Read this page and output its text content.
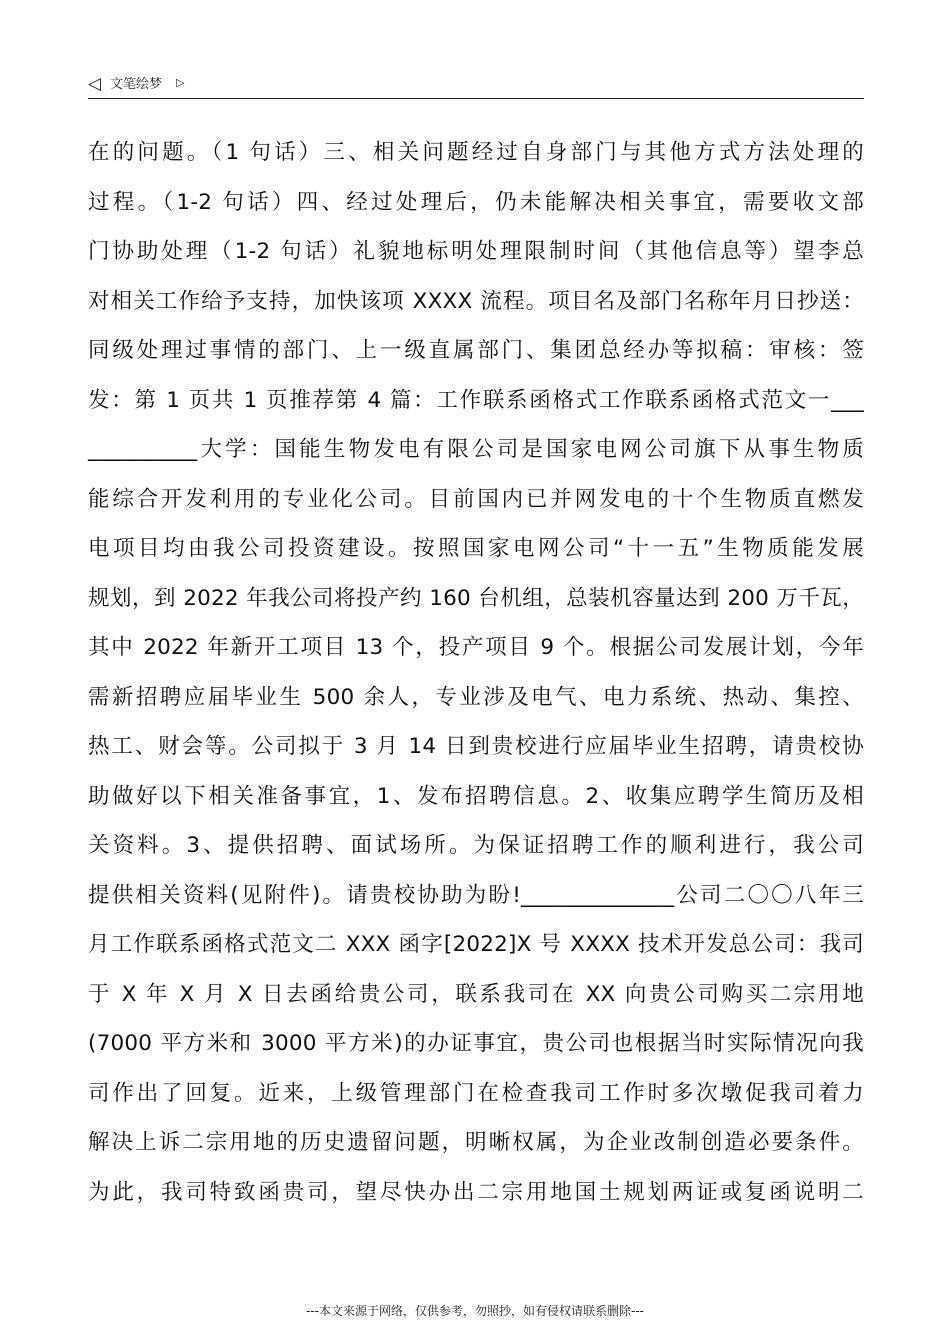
◁ 文笔绘梦 ▷
在的问题。（1 句话）三、相关问题经过自身部门与其他方式方法处理的
过程。（1-2 句话）四、经过处理后，仍未能解决相关事宜，需要收文部
门协助处理（1-2 句话）礼貌地标明处理限制时间（其他信息等）望李总
对相关工作给予支持，加快该项 XXXX 流程。项目名及部门名称年月日抄送：
同级处理过事情的部门、上一级直属部门、集团总经办等拟稿：审核：签
发：第 1 页共 1 页推荐第 4 篇：工作联系函格式工作联系函格式范文一___
__________大学：国能生物发电有限公司是国家电网公司旗下从事生物质
能综合开发利用的专业化公司。目前国内已并网发电的十个生物质直燃发
电项目均由我公司投资建设。按照国家电网公司“十一五”生物质能发展
规划，到 2022 年我公司将投产约 160 台机组，总装机容量达到 200 万千瓦，
其中 2022 年新开工项目 13 个，投产项目 9 个。根据公司发展计划，今年
需新招聘应届毕业生 500 余人，专业涉及电气、电力系统、热动、集控、
热工、财会等。公司拟于 3 月 14 日到贵校进行应届毕业生招聘，请贵校协
助做好以下相关准备事宜，1、发布招聘信息。2、收集应聘学生简历及相
关资料。3、提供招聘、面试场所。为保证招聘工作的顺利进行，我公司
提供相关资料(见附件)。请贵校协助为盼!______________公司二〇〇八年三
月工作联系函格式范文二 XXX 函字[2022]X 号 XXXX 技术开发总公司：我司
于 X 年 X 月 X 日去函给贵公司，联系我司在 XX 向贵公司购买二宗用地
(7000 平方米和 3000 平方米)的办证事宜，贵公司也根据当时实际情况向我
司作出了回复。近来，上级管理部门在检查我司工作时多次墩促我司着力
解决上诉二宗用地的历史遗留问题，明晰权属，为企业改制创造必要条件。
为此，我司特致函贵司，望尽快办出二宗用地国土规划两证或复函说明二
---本文来源于网络，仅供参考，勿照抄，如有侵权请联系删除---
